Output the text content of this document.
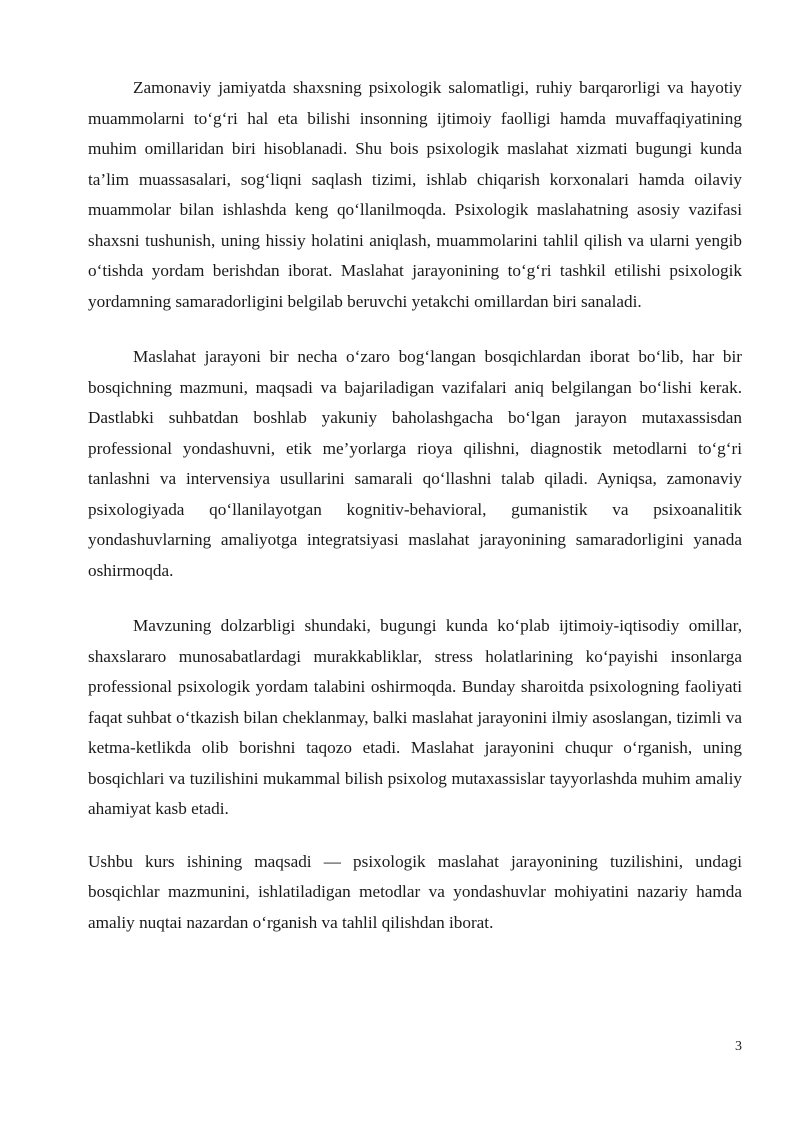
Zamonaviy jamiyatda shaxsning psixologik salomatligi, ruhiy barqarorligi va hayotiy muammolarni to‘g‘ri hal eta bilishi insonning ijtimoiy faolligi hamda muvaffaqiyatining muhim omillaridan biri hisoblanadi. Shu bois psixologik maslahat xizmati bugungi kunda ta’lim muassasalari, sog‘liqni saqlash tizimi, ishlab chiqarish korxonalari hamda oilaviy muammolar bilan ishlashda keng qo‘llanilmoqda. Psixologik maslahatning asosiy vazifasi shaxsni tushunish, uning hissiy holatini aniqlash, muammolarini tahlil qilish va ularni yengib o‘tishda yordam berishdan iborat. Maslahat jarayonining to‘g‘ri tashkil etilishi psixologik yordamning samaradorligini belgilab beruvchi yetakchi omillardan biri sanaladi.

Maslahat jarayoni bir necha o‘zaro bog‘langan bosqichlardan iborat bo‘lib, har bir bosqichning mazmuni, maqsadi va bajariladigan vazifalari aniq belgilangan bo‘lishi kerak. Dastlabki suhbatdan boshlab yakuniy baholashgacha bo‘lgan jarayon mutaxassisdan professional yondashuvni, etik me’yorlarga rioya qilishni, diagnostik metodlarni to‘g‘ri tanlashni va intervensiya usullarini samarali qo‘llashni talab qiladi. Ayniqsa, zamonaviy psixologiyada qo‘llanilayotgan kognitiv-behavioral, gumanistik va psixoanalitik yondashuvlarning amaliyotga integratsiyasi maslahat jarayonining samaradorligini yanada oshirmoqda.

Mavzuning dolzarbligi shundaki, bugungi kunda ko‘plab ijtimoiy-iqtisodiy omillar, shaxslararo munosabatlardagi murakkabliklar, stress holatlarining ko‘payishi insonlarga professional psixologik yordam talabini oshirmoqda. Bunday sharoitda psixologning faoliyati faqat suhbat o‘tkazish bilan cheklanmay, balki maslahat jarayonini ilmiy asoslangan, tizimli va ketma-ketlikda olib borishni taqozo etadi. Maslahat jarayonini chuqur o‘rganish, uning bosqichlari va tuzilishini mukammal bilish psixolog mutaxassislar tayyorlashda muhim amaliy ahamiyat kasb etadi.

Ushbu kurs ishining maqsadi — psixologik maslahat jarayonining tuzilishini, undagi bosqichlar mazmunini, ishlatiladigan metodlar va yondashuvlar mohiyatini nazariy hamda amaliy nuqtai nazardan o‘rganish va tahlil qilishdan iborat.

3
